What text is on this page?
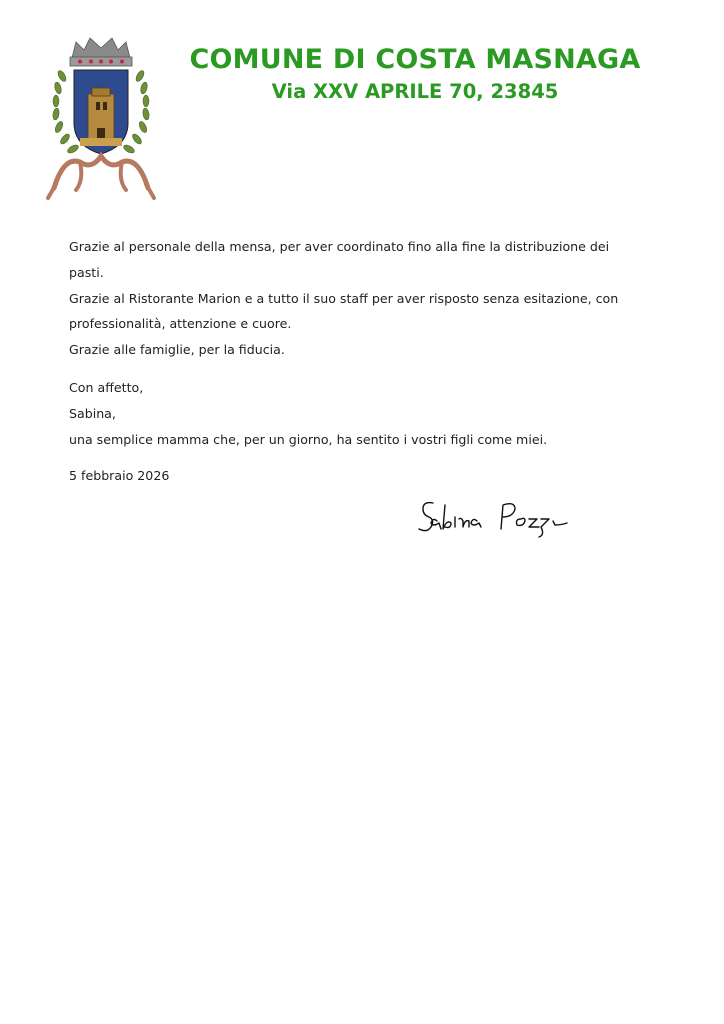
COMUNE DI COSTA MASNAGA
Via XXV APRILE 70, 23845

Grazie al personale della mensa, per aver coordinato fino alla fine la distribuzione dei pasti.

Grazie al Ristorante Marion e a tutto il suo staff per aver risposto senza esitazione, con professionalità, attenzione e cuore.

Grazie alle famiglie, per la fiducia.

Con affetto,

Sabina,

una semplice mamma che, per un giorno, ha sentito i vostri figli come miei.

5 febbraio 2026
